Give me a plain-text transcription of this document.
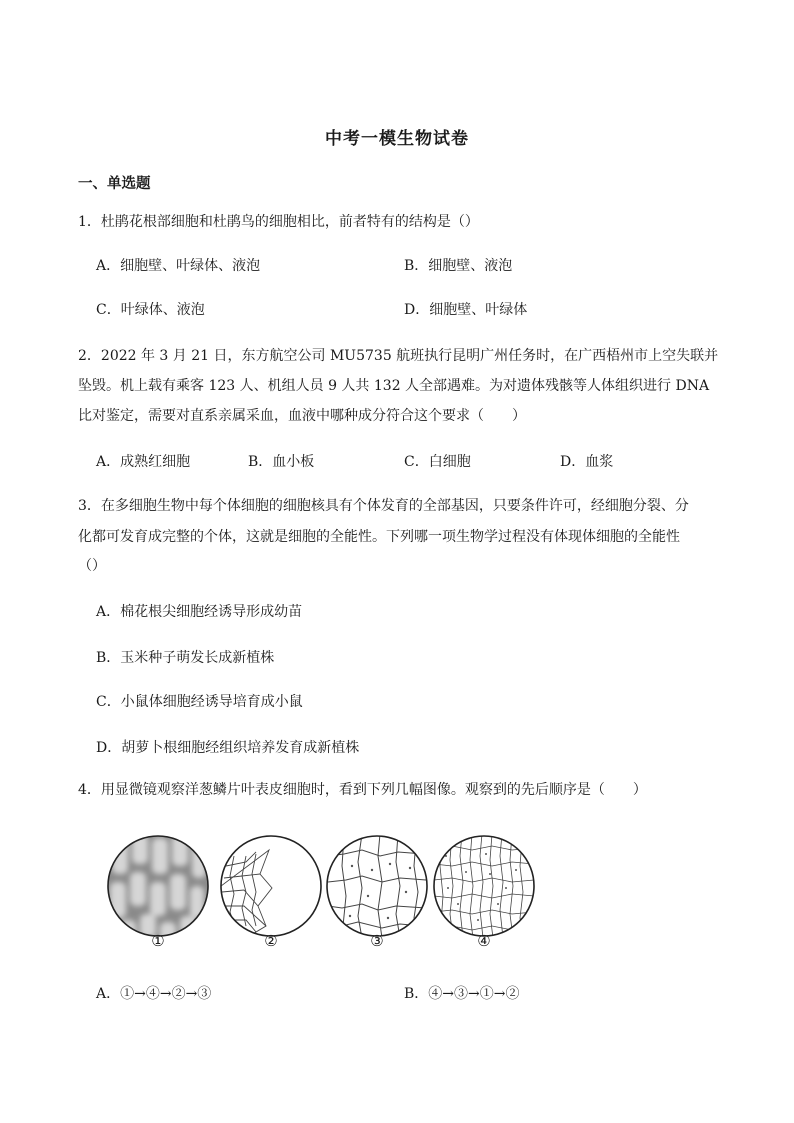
中考一模生物试卷
一、单选题
1．杜鹃花根部细胞和杜鹃鸟的细胞相比，前者特有的结构是（）
A．细胞壁、叶绿体、液泡	B．细胞壁、液泡
C．叶绿体、液泡	D．细胞壁、叶绿体
2．2022 年 3 月 21 日，东方航空公司 MU5735 航班执行昆明广州任务时，在广西梧州市上空失联并
坠毁。机上载有乘客 123 人、机组人员 9 人共 132 人全部遇难。为对遗体残骸等人体组织进行 DNA
比对鉴定，需要对直系亲属采血，血液中哪种成分符合这个要求（　　）
A．成熟红细胞	B．血小板	C．白细胞	D．血浆
3．在多细胞生物中每个体细胞的细胞核具有个体发育的全部基因，只要条件许可，经细胞分裂、分
化都可发育成完整的个体，这就是细胞的全能性。下列哪一项生物学过程没有体现体细胞的全能性
（）
A．棉花根尖细胞经诱导形成幼苗
B．玉米种子萌发长成新植株
C．小鼠体细胞经诱导培育成小鼠
D．胡萝卜根细胞经组织培养发育成新植株
4．用显微镜观察洋葱鳞片叶表皮细胞时，看到下列几幅图像。观察到的先后顺序是（　　）
①	②	③	④
A．①→④→②→③	B．④→③→①→②
